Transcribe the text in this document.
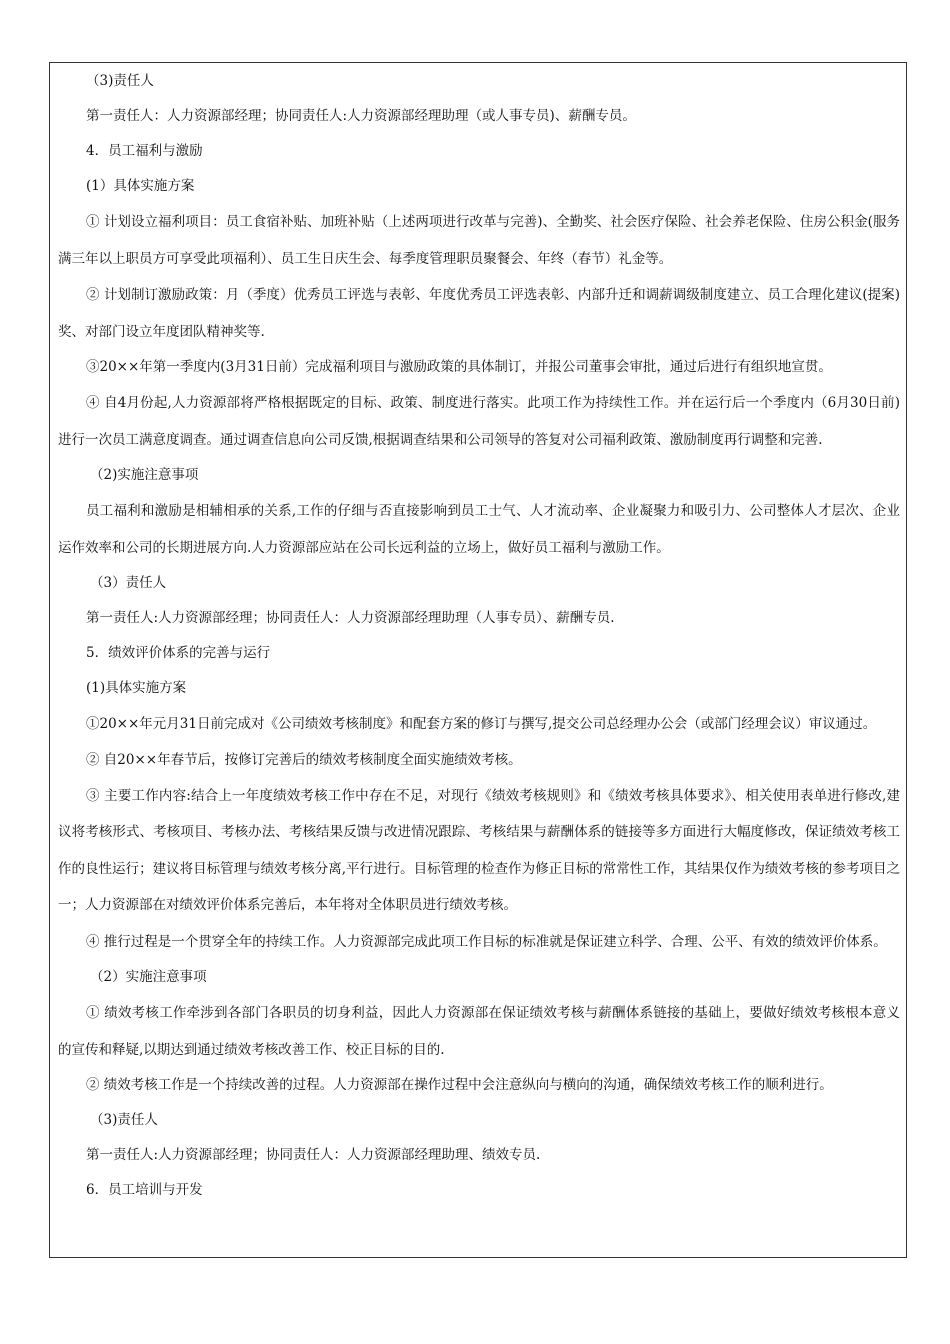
（3)责任人

第一责任人：人力资源部经理；协同责任人:人力资源部经理助理（或人事专员)、薪酬专员。

4．员工福利与激励

(1）具体实施方案

① 计划设立福利项目：员工食宿补贴、加班补贴（上述两项进行改革与完善)、全勤奖、社会医疗保险、社会养老保险、住房公积金(服务满三年以上职员方可享受此项福利）、员工生日庆生会、每季度管理职员聚餐会、年终（春节）礼金等。

② 计划制订激励政策：月（季度）优秀员工评选与表彰、年度优秀员工评选表彰、内部升迁和调薪调级制度建立、员工合理化建议(提案)奖、对部门设立年度团队精神奖等.

③20××年第一季度内(3月31日前）完成福利项目与激励政策的具体制订，并报公司董事会审批，通过后进行有组织地宣贯。

④ 自4月份起,人力资源部将严格根据既定的目标、政策、制度进行落实。此项工作为持续性工作。并在运行后一个季度内（6月30日前)进行一次员工满意度调查。通过调查信息向公司反馈,根据调查结果和公司领导的答复对公司福利政策、激励制度再行调整和完善.

（2)实施注意事项

员工福利和激励是相辅相承的关系,工作的仔细与否直接影响到员工士气、人才流动率、企业凝聚力和吸引力、公司整体人才层次、企业运作效率和公司的长期进展方向.人力资源部应站在公司长远利益的立场上，做好员工福利与激励工作。

（3）责任人

第一责任人:人力资源部经理；协同责任人：人力资源部经理助理（人事专员）、薪酬专员.

5．绩效评价体系的完善与运行

(1)具体实施方案

①20××年元月31日前完成对《公司绩效考核制度》和配套方案的修订与撰写,提交公司总经理办公会（或部门经理会议）审议通过。

② 自20××年春节后，按修订完善后的绩效考核制度全面实施绩效考核。

③ 主要工作内容:结合上一年度绩效考核工作中存在不足，对现行《绩效考核规则》和《绩效考核具体要求》、相关使用表单进行修改,建议将考核形式、考核项目、考核办法、考核结果反馈与改进情况跟踪、考核结果与薪酬体系的链接等多方面进行大幅度修改，保证绩效考核工作的良性运行；建议将目标管理与绩效考核分离,平行进行。目标管理的检查作为修正目标的常常性工作，其结果仅作为绩效考核的参考项目之一；人力资源部在对绩效评价体系完善后，本年将对全体职员进行绩效考核。

④ 推行过程是一个贯穿全年的持续工作。人力资源部完成此项工作目标的标准就是保证建立科学、合理、公平、有效的绩效评价体系。

（2）实施注意事项

① 绩效考核工作牵涉到各部门各职员的切身利益，因此人力资源部在保证绩效考核与薪酬体系链接的基础上，要做好绩效考核根本意义的宣传和释疑,以期达到通过绩效考核改善工作、校正目标的目的.

② 绩效考核工作是一个持续改善的过程。人力资源部在操作过程中会注意纵向与横向的沟通，确保绩效考核工作的顺利进行。

（3)责任人

第一责任人:人力资源部经理；协同责任人：人力资源部经理助理、绩效专员.

6．员工培训与开发
